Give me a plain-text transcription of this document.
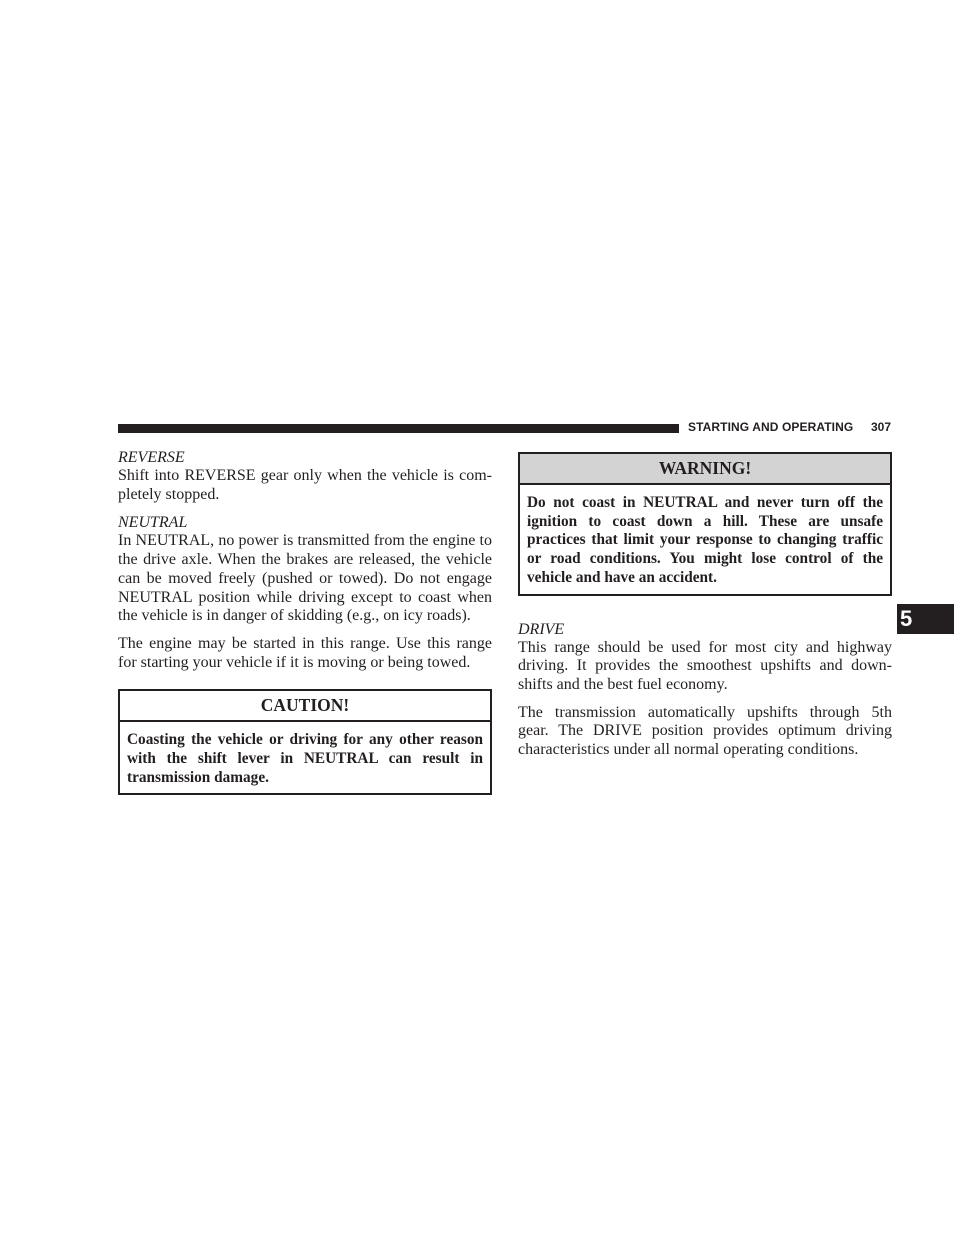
STARTING AND OPERATING 307
5

REVERSE

Shift into REVERSE gear only when the vehicle is com-
pletely stopped.

NEUTRAL

In NEUTRAL, no power is transmitted from the engine to
the drive axle. When the brakes are released, the vehicle
can be moved freely (pushed or towed). Do not engage
NEUTRAL position while driving except to coast when
the vehicle is in danger of skidding (e.g., on icy roads).
The engine may be started in this range. Use this range
for starting your vehicle if it is moving or being towed.
CAUTION!
Coasting the vehicle or driving for any other reason
with the shift lever in NEUTRAL can result in
transmission damage.
WARNING!
Do not coast in NEUTRAL and never turn off the
ignition to coast down a hill. These are unsafe
practices that limit your response to changing traffic
or road conditions. You might lose control of the
vehicle and have an accident.

DRIVE

This range should be used for most city and highway
driving. It provides the smoothest upshifts and down-
shifts and the best fuel economy.
The transmission automatically upshifts through 5th
gear. The DRIVE position provides optimum driving
characteristics under all normal operating conditions.
